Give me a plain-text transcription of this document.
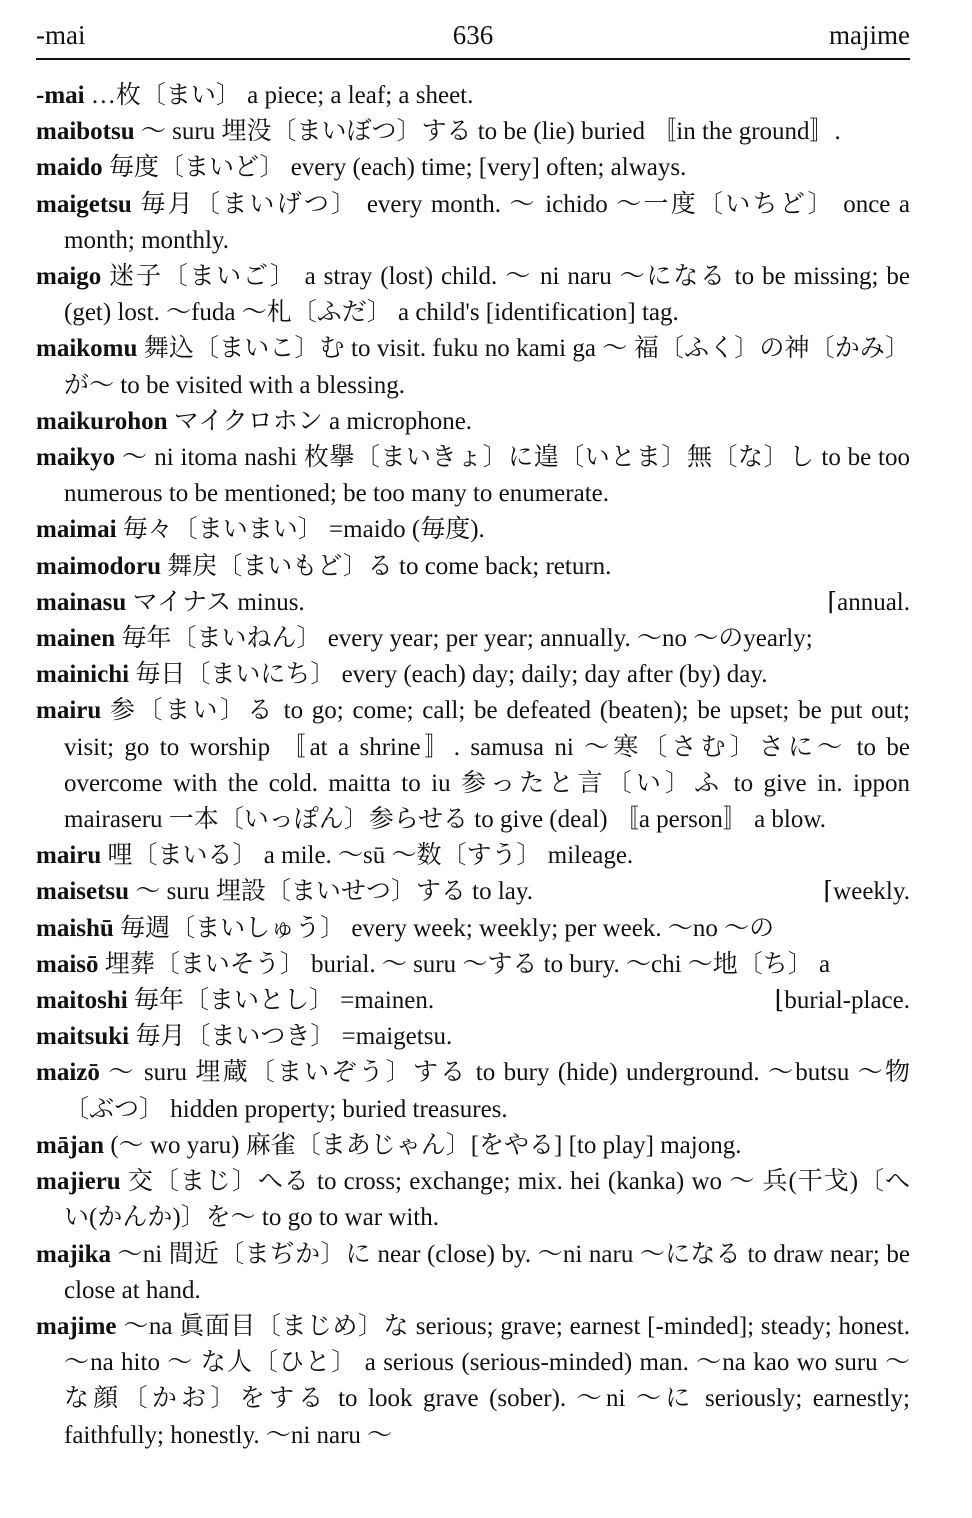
-mai	636	majime

-mai …枚〔まい〕 a piece; a leaf; a sheet.

maibotsu ～ suru 埋没〔まいぼつ〕する to be (lie) buried 〚in the ground〛.

maido 毎度〔まいど〕 every (each) time; [very] often; always.

maigetsu 毎月〔まいげつ〕 every month. ～ ichido ～一度〔いちど〕 once a month; monthly.

maigo 迷子〔まいご〕 a stray (lost) child. ～ ni naru ～になる to be missing; be (get) lost. ～fuda ～札〔ふだ〕 a child's [identification] tag.

maikomu 舞込〔まいこ〕む to visit. fuku no kami ga ～ 福〔ふく〕の神〔かみ〕が～ to be visited with a blessing.

maikurohon マイクロホン a microphone.

maikyo ～ ni itoma nashi 枚擧〔まいきょ〕に遑〔いとま〕無〔な〕し to be too numerous to be mentioned; be too many to enumerate.

maimai 毎々〔まいまい〕 =maido (毎度).

maimodoru 舞戻〔まいもど〕る to come back; return.

mainasu マイナス minus.	⌈annual.

mainen 毎年〔まいねん〕 every year; per year; annually. ～no ～のyearly;

mainichi 毎日〔まいにち〕 every (each) day; daily; day after (by) day.

mairu 参〔まい〕る to go; come; call; be defeated (beaten); be upset; be put out; visit; go to worship 〚at a shrine〛. samusa ni ～寒〔さむ〕さに～ to be overcome with the cold. maitta to iu 参ったと言〔い〕ふ to give in. ippon mairaseru 一本〔いっぽん〕参らせる to give (deal) 〚a person〛 a blow.

mairu 哩〔まいる〕 a mile. ～sū ～数〔すう〕 mileage.

maisetsu ～ suru 埋設〔まいせつ〕する to lay.	⌈weekly.

maishū 毎週〔まいしゅう〕 every week; weekly; per week. ～no ～の

maisō 埋葬〔まいそう〕 burial. ～ suru ～する to bury. ～chi ～地〔ち〕 a

maitoshi 毎年〔まいとし〕 =mainen.	⌊burial-place.

maitsuki 毎月〔まいつき〕 =maigetsu.

maizō ～ suru 埋蔵〔まいぞう〕する to bury (hide) underground. ～butsu ～物〔ぶつ〕 hidden property; buried treasures.

mājan (～ wo yaru) 麻雀〔まあじゃん〕[をやる] [to play] majong.

majieru 交〔まじ〕へる to cross; exchange; mix. hei (kanka) wo ～ 兵(干戈)〔へい(かんか)〕を～ to go to war with.

majika ～ni 間近〔まぢか〕に near (close) by. ～ni naru ～になる to draw near; be close at hand.

majime ～na 眞面目〔まじめ〕な serious; grave; earnest [-minded]; steady; honest. ～na hito ～ な人〔ひと〕 a serious (serious-minded) man. ～na kao wo suru ～な顔〔かお〕をする to look grave (sober). ～ni ～に seriously; earnestly; faithfully; honestly. ～ni naru ～
